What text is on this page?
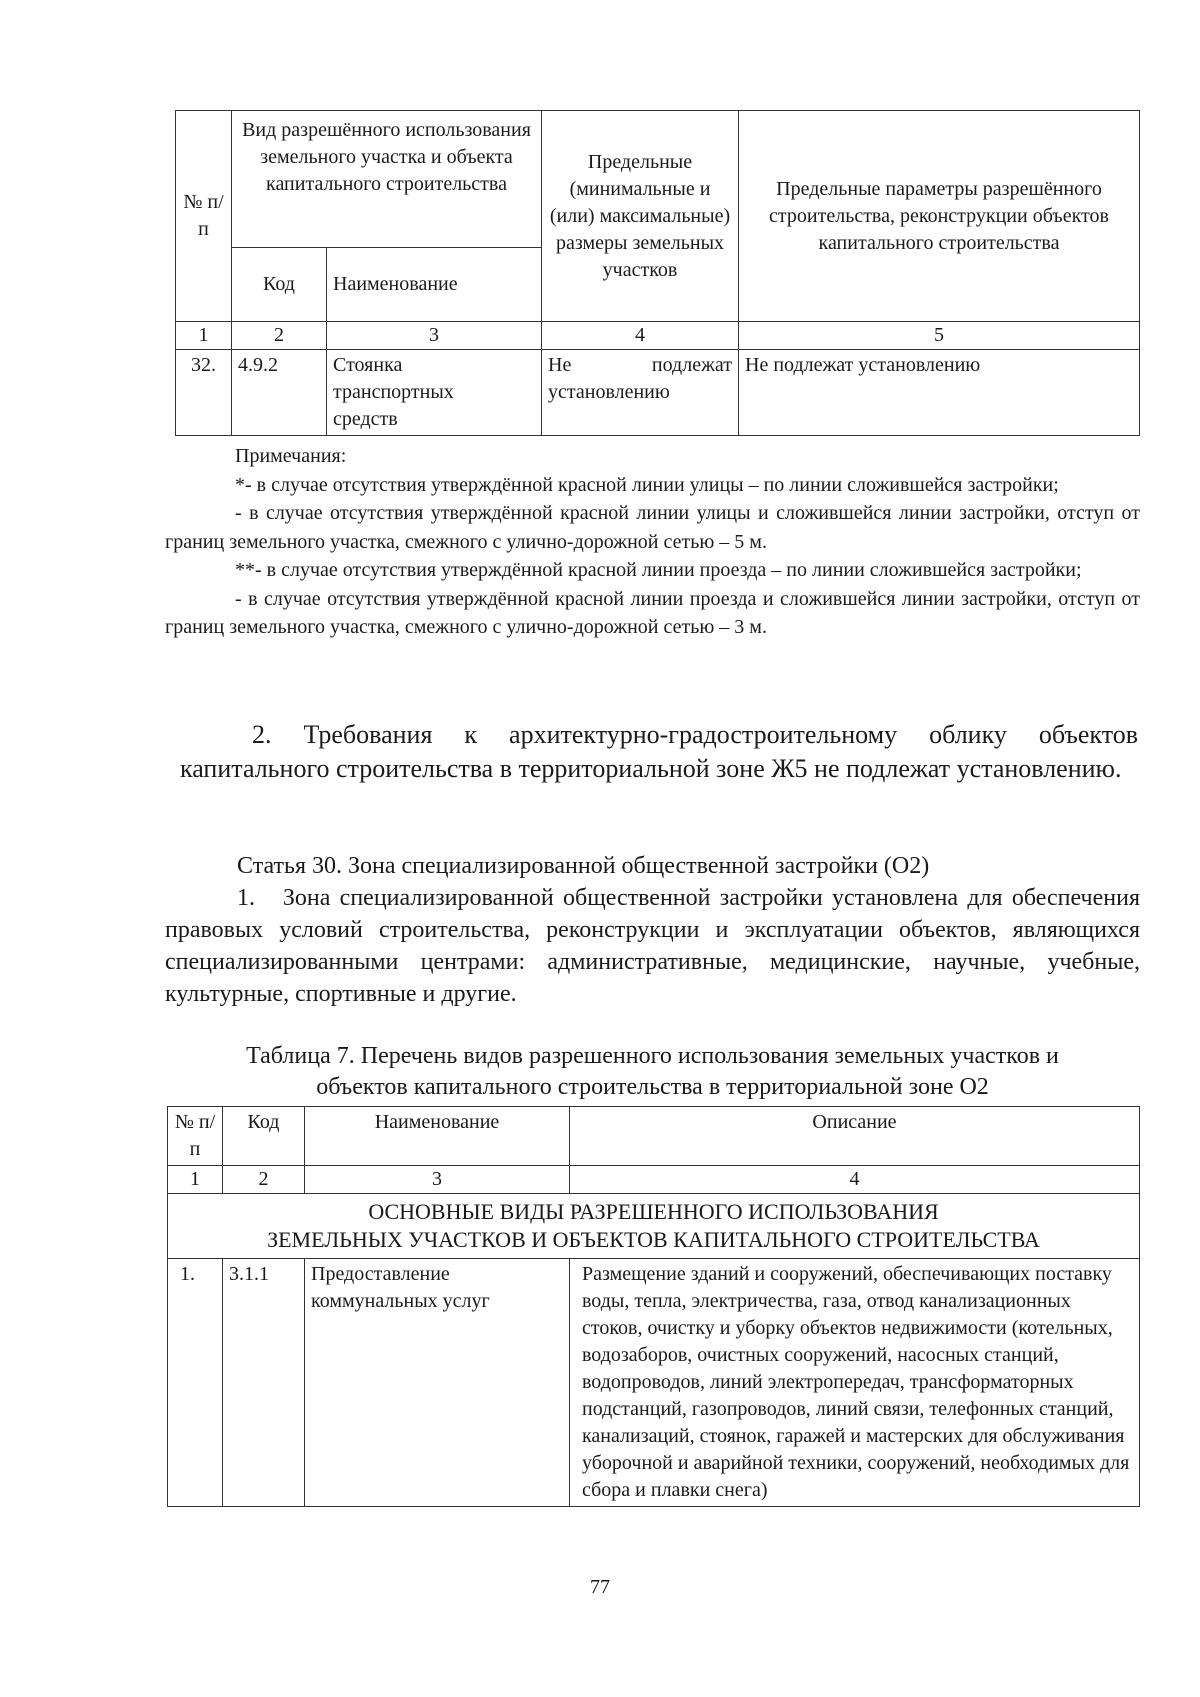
№ п/п	Вид разрешённого использования земельного участка и объекта капитального строительства		Предельные (минимальные и (или) максимальные) размеры земельных участков	Предельные параметры разрешённого строительства, реконструкции объектов капитального строительства
	Код	Наименование		
1	2	3	4	5
32.	4.9.2	Стоянка транспортных средств	Не подлежат установлению	Не подлежат установлению

Примечания:

*- в случае отсутствия утверждённой красной линии улицы – по линии сложившейся застройки;

- в случае отсутствия утверждённой красной линии улицы и сложившейся линии застройки, отступ от границ земельного участка, смежного с улично-дорожной сетью – 5 м.

**- в случае отсутствия утверждённой красной линии проезда – по линии сложившейся застройки;

- в случае отсутствия утверждённой красной линии проезда и сложившейся линии застройки, отступ от границ земельного участка, смежного с улично-дорожной сетью – 3 м.

2. Требования к архитектурно-градостроительному облику объектов капитального строительства в территориальной зоне Ж5 не подлежат установлению.

Статья 30. Зона специализированной общественной застройки (О2)

1.   Зона специализированной общественной застройки установлена для обеспечения правовых условий строительства, реконструкции и эксплуатации объектов, являющихся специализированными центрами: административные, медицинские, научные, учебные, культурные, спортивные и другие.

Таблица 7. Перечень видов разрешенного использования земельных участков и
объектов капитального строительства в территориальной зоне О2
№ п/п	Код	Наименование	Описание
1	2	3	4

ОСНОВНЫЕ ВИДЫ РАЗРЕШЕННОГО ИСПОЛЬЗОВАНИЯ
ЗЕМЕЛЬНЫХ УЧАСТКОВ И ОБЪЕКТОВ КАПИТАЛЬНОГО СТРОИТЕЛЬСТВА			

1.	3.1.1	Предоставление коммунальных услуг	Размещение зданий и сооружений, обеспечивающих поставку воды, тепла, электричества, газа, отвод канализационных стоков, очистку и уборку объектов недвижимости (котельных, водозаборов, очистных сооружений, насосных станций, водопроводов, линий электропередач, трансформаторных подстанций, газопроводов, линий связи, телефонных станций, канализаций, стоянок, гаражей и мастерских для обслуживания уборочной и аварийной техники, сооружений, необходимых для сбора и плавки снега)
77
